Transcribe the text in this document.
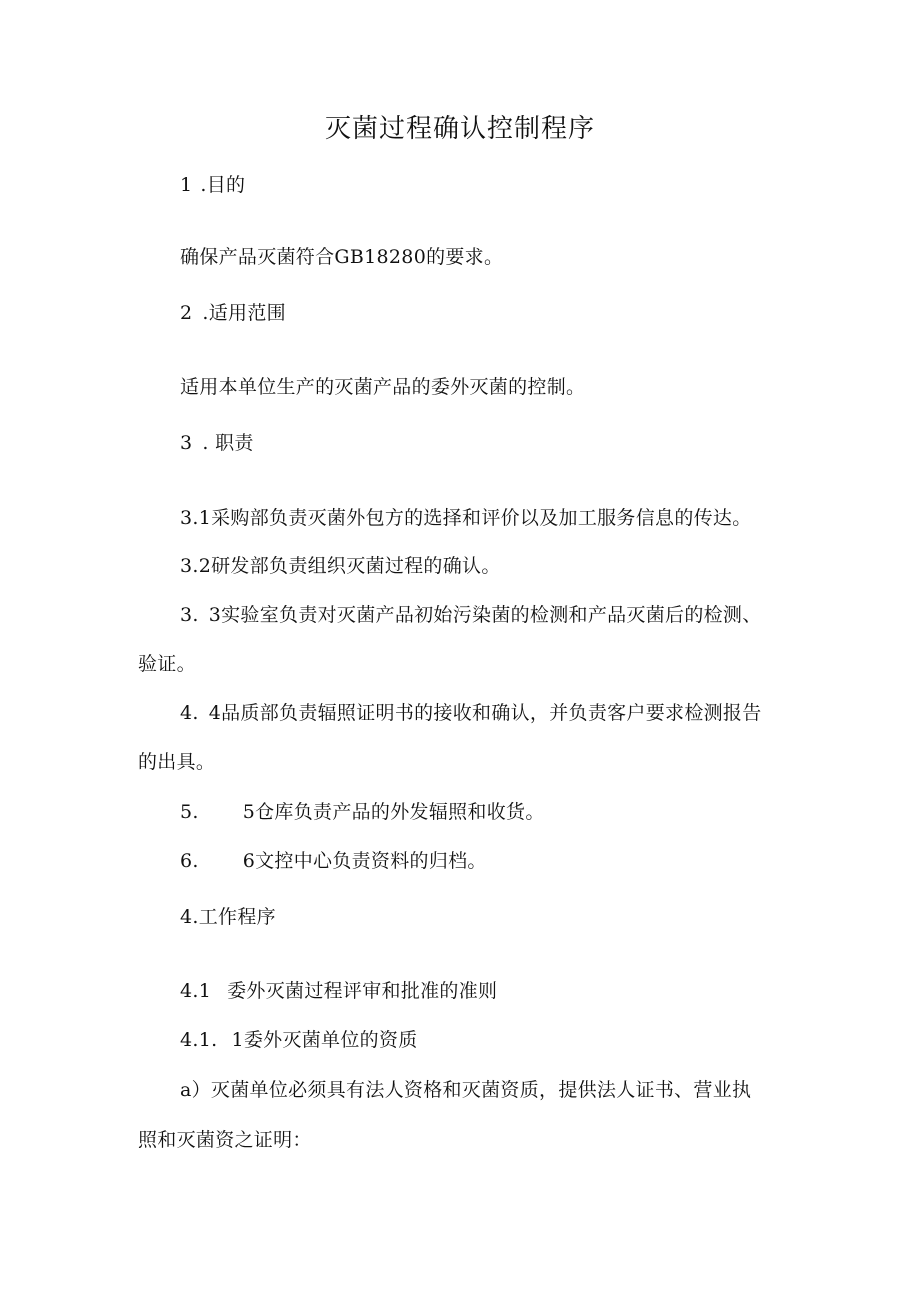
灭菌过程确认控制程序
1 .目的
确保产品灭菌符合GB18280的要求。
2 .适用范围
适用本单位生产的灭菌产品的委外灭菌的控制。
3 . 职责
3.1采购部负责灭菌外包方的选择和评价以及加工服务信息的传达。
3.2研发部负责组织灭菌过程的确认。
3. 3实验室负责对灭菌产品初始污染菌的检测和产品灭菌后的检测、
验证。
4. 4品质部负责辐照证明书的接收和确认，并负责客户要求检测报告
的出具。
5. 5仓库负责产品的外发辐照和收货。
6. 6文控中心负责资料的归档。
4.工作程序
4.1 委外灭菌过程评审和批准的准则
4.1. 1委外灭菌单位的资质
a）灭菌单位必须具有法人资格和灭菌资质，提供法人证书、营业执
照和灭菌资之证明：
